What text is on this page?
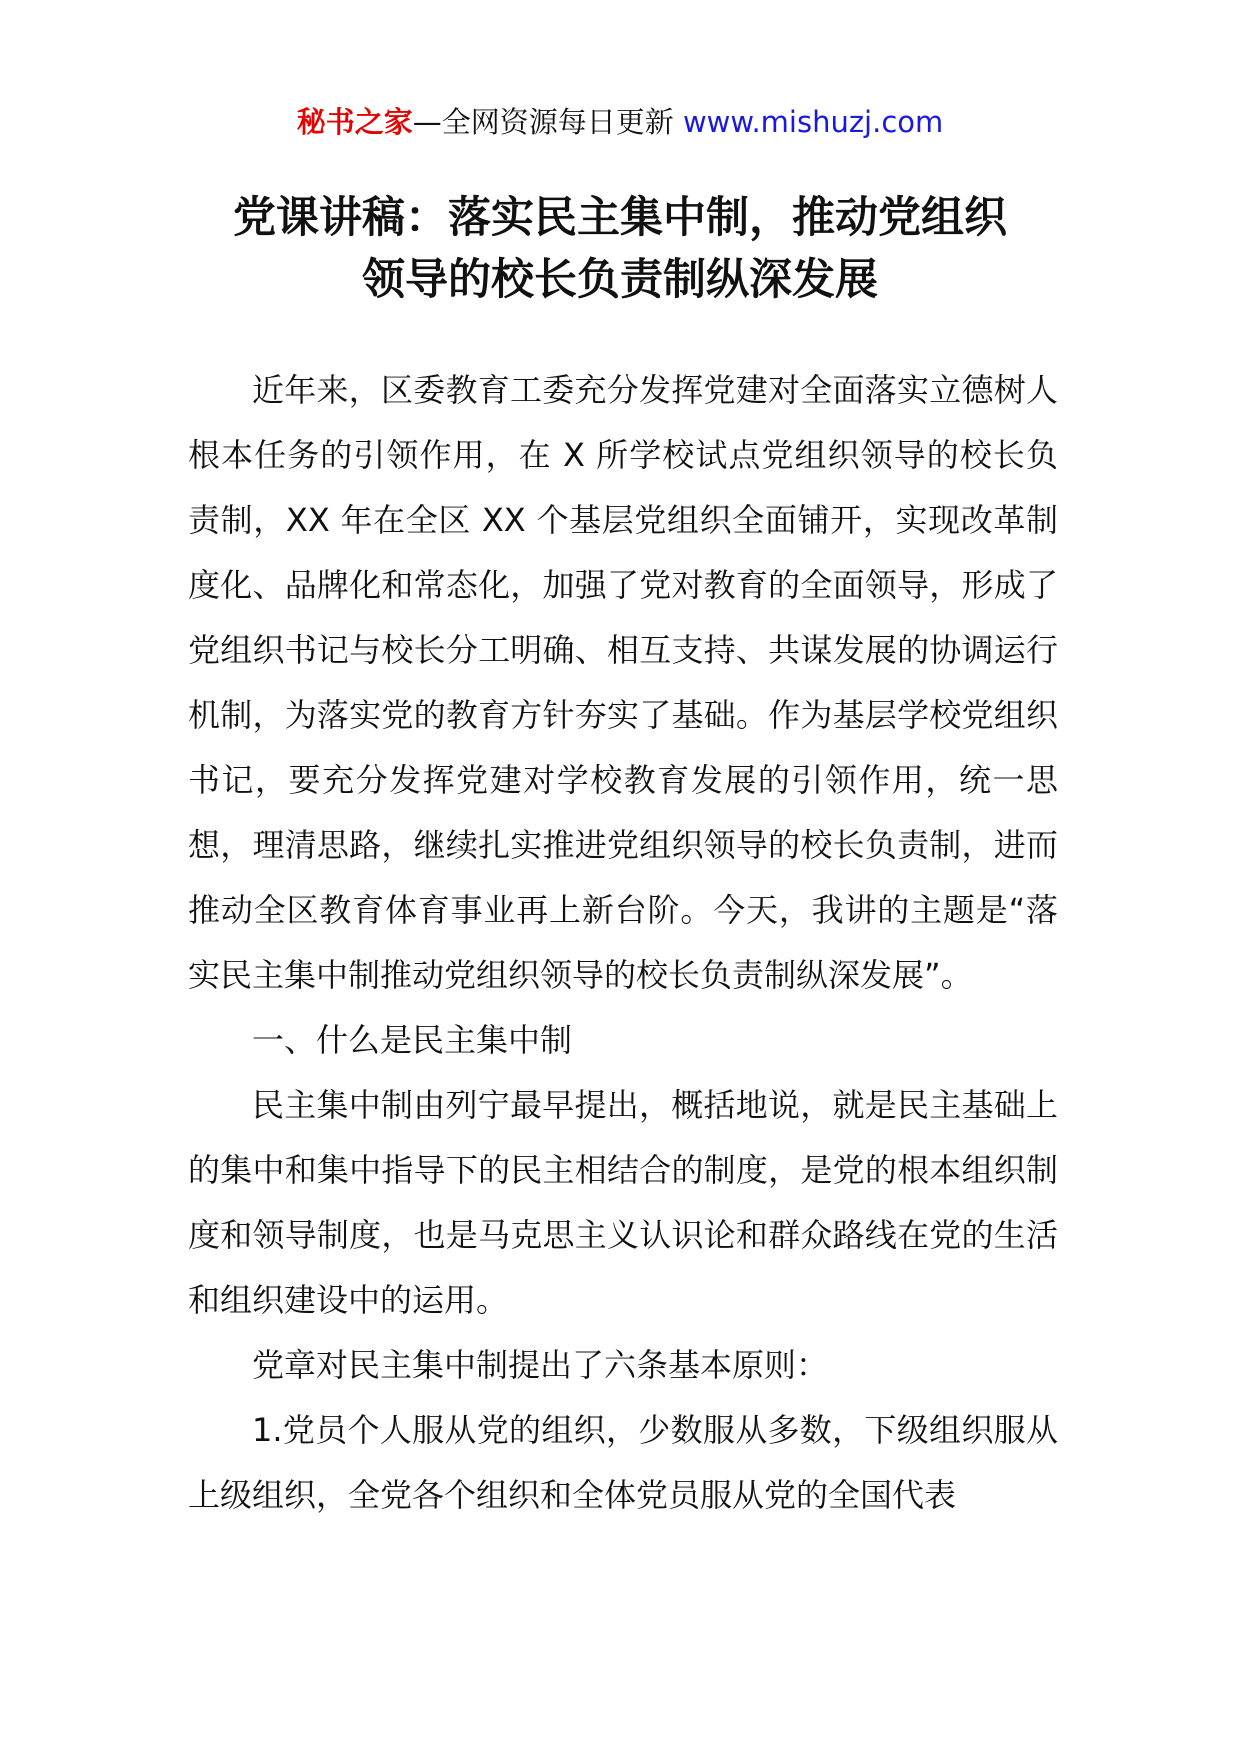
秘书之家—全网资源每日更新 www.mishuzj.com
党课讲稿：落实民主集中制，推动党组织
领导的校长负责制纵深发展

近年来，区委教育工委充分发挥党建对全面落实立德树人根本任务的引领作用，在 X 所学校试点党组织领导的校长负责制，XX 年在全区 XX 个基层党组织全面铺开，实现改革制度化、品牌化和常态化，加强了党对教育的全面领导，形成了党组织书记与校长分工明确、相互支持、共谋发展的协调运行机制，为落实党的教育方针夯实了基础。作为基层学校党组织书记，要充分发挥党建对学校教育发展的引领作用，统一思想，理清思路，继续扎实推进党组织领导的校长负责制，进而推动全区教育体育事业再上新台阶。今天，我讲的主题是“落实民主集中制推动党组织领导的校长负责制纵深发展”。

一、什么是民主集中制

民主集中制由列宁最早提出，概括地说，就是民主基础上的集中和集中指导下的民主相结合的制度，是党的根本组织制度和领导制度，也是马克思主义认识论和群众路线在党的生活和组织建设中的运用。

党章对民主集中制提出了六条基本原则：

1.党员个人服从党的组织，少数服从多数，下级组织服从上级组织，全党各个组织和全体党员服从党的全国代表
